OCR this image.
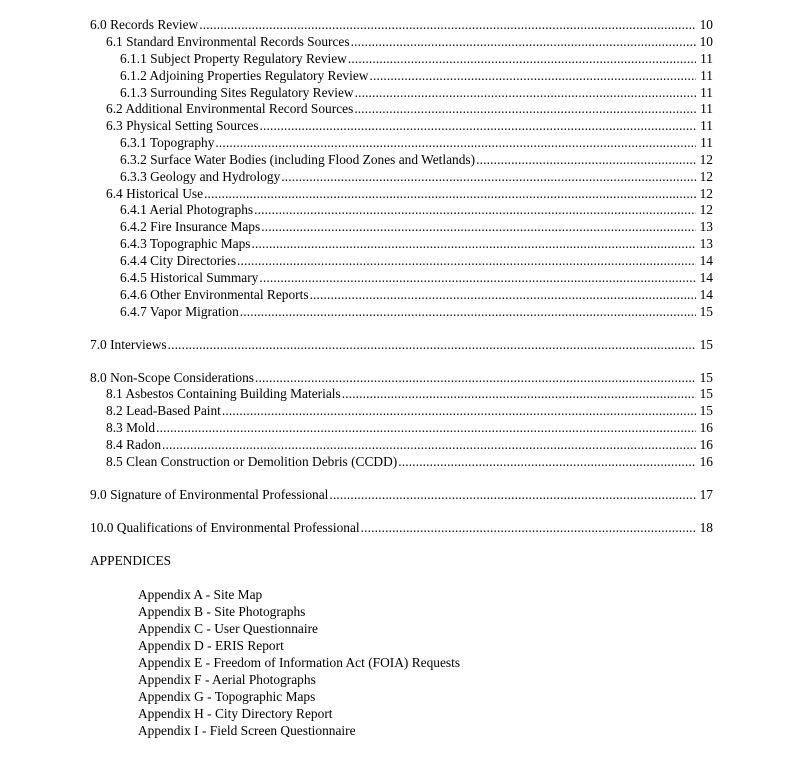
6.0 Records Review . . .	10
6.1 Standard Environmental Records Sources . . .	10
6.1.1 Subject Property Regulatory Review . . .	11
6.1.2 Adjoining Properties Regulatory Review . . .	11
6.1.3 Surrounding Sites Regulatory Review . . .	11
6.2 Additional Environmental Record Sources . . .	11
6.3 Physical Setting Sources . . .	11
6.3.1 Topography . . .	11
6.3.2 Surface Water Bodies (including Flood Zones and Wetlands) . . .	12
6.3.3 Geology and Hydrology . . .	12
6.4 Historical Use . . .	12
6.4.1 Aerial Photographs . . .	12
6.4.2 Fire Insurance Maps . . .	13
6.4.3 Topographic Maps . . .	13
6.4.4 City Directories . . .	14
6.4.5 Historical Summary . . .	14
6.4.6 Other Environmental Reports . . .	14
6.4.7 Vapor Migration . . .	15
7.0 Interviews . . .	15
8.0 Non-Scope Considerations . . .	15
8.1 Asbestos Containing Building Materials . . .	15
8.2 Lead-Based Paint . . .	15
8.3 Mold . . .	16
8.4 Radon . . .	16
8.5 Clean Construction or Demolition Debris (CCDD) . . .	16
9.0 Signature of Environmental Professional . . .	17
10.0 Qualifications of Environmental Professional . . .	18
APPENDICES
Appendix A - Site Map
Appendix B - Site Photographs
Appendix C - User Questionnaire
Appendix D - ERIS Report
Appendix E - Freedom of Information Act (FOIA) Requests
Appendix F - Aerial Photographs
Appendix G - Topographic Maps
Appendix H - City Directory Report
Appendix I - Field Screen Questionnaire
